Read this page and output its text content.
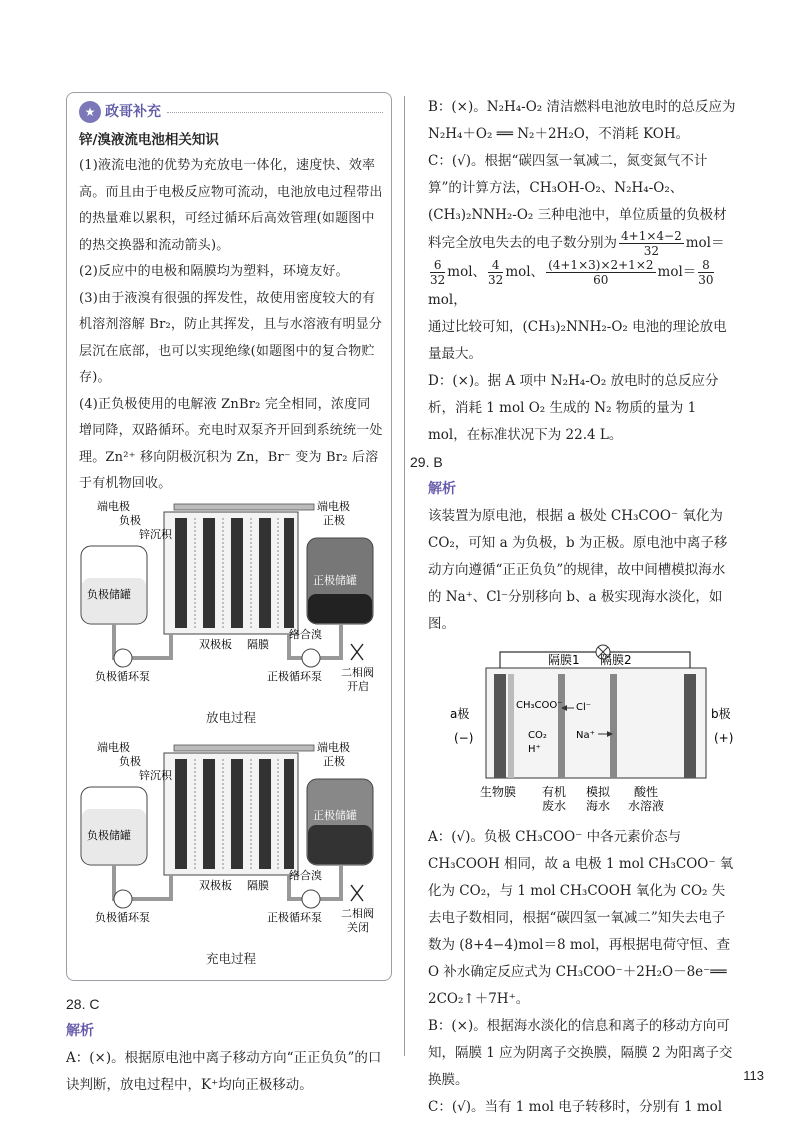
★ 政哥补充
锌/溴液流电池相关知识

(1)液流电池的优势为充放电一体化，速度快、效率高。而且由于电极反应物可流动，电池放电过程带出的热量难以累积，可经过循环后高效管理(如题图中的热交换器和流动箭头)。

(2)反应中的电极和隔膜均为塑料，环境友好。

(3)由于液溴有很强的挥发性，故使用密度较大的有机溶剂溶解 Br₂，防止其挥发，且与水溶液有明显分层沉在底部，也可以实现绝缘(如题图中的复合物贮存)。

(4)正负极使用的电解液 ZnBr₂ 完全相同，浓度同增同降，双路循环。充电时双泵齐开回到系统统一处理。Zn²⁺ 移向阴极沉积为 Zn，Br⁻ 变为 Br₂ 后溶于有机物回收。

端电极
负极
锌沉积
负极储罐
端电极
正极
正极储罐
双极板 隔膜
络合溴
负极循环泵	正极循环泵 二相阀
开启
放电过程
端电极
负极
锌沉积
负极储罐
端电极
正极
正极储罐
双极板 隔膜
络合溴
负极循环泵	正极循环泵 二相阀
关闭
充电过程
28. C
解析

A：(×)。根据原电池中离子移动方向“正正负负”的口诀判断，放电过程中，K⁺均向正极移动。

B：(×)。N₂H₄-O₂ 清洁燃料电池放电时的总反应为 N₂H₄＋O₂ ══ N₂＋2H₂O，不消耗 KOH。

C：(√)。根据“碳四氢一氧减二，氮变氮气不计算”的计算方法，CH₃OH-O₂、N₂H₄-O₂、(CH₃)₂NNH₂-O₂ 三种电池中，单位质量的负极材料完全放电失去的电子数分别为 $\frac{4+1\times 4-2}{32} mol=$
$\frac{6}{32}$ mol、 $\frac{4}{32}$ mol、 $\frac{(4+1\times 3)\times 2+1\times 2}{60} mol= \frac{8}{30}$
mol，

通过比较可知，(CH₃)₂NNH₂-O₂ 电池的理论放电量最大。

D：(×)。据 A 项中 N₂H₄-O₂ 放电时的总反应分析，消耗 1 mol O₂ 生成的 N₂ 物质的量为 1 mol，在标准状况下为 22.4 L。

29. B
解析

该装置为原电池，根据 a 极处 CH₃COO⁻ 氧化为 CO₂，可知 a 为负极，b 为正极。原电池中离子移动方向遵循“正正负负”的规律，故中间槽模拟海水的 Na⁺、Cl⁻分别移向 b、a 极实现海水淡化，如图。

隔膜1 隔膜2
a极	b极
(−)	(+)
CH₃COO⁻
CO₂
H⁺
Cl⁻
Na⁺
生物膜 有机
废水
模拟
海水
酸性
水溶液

A：(√)。负极 CH₃COO⁻ 中各元素价态与 CH₃COOH 相同，故 a 电极 1 mol CH₃COO⁻ 氧化为 CO₂，与 1 mol CH₃COOH 氧化为 CO₂ 失去电子数相同，根据“碳四氢一氧减二”知失去电子数为 (8+4−4)mol＝8 mol，再根据电荷守恒、查 O 补水确定反应式为 CH₃COO⁻＋2H₂O－8e⁻══ 2CO₂↑＋7H⁺。

B：(×)。根据海水淡化的信息和离子的移动方向可知，隔膜 1 应为阴离子交换膜，隔膜 2 为阳离子交换膜。

C：(√)。当有 1 mol 电子转移时，分别有 1 mol

113
